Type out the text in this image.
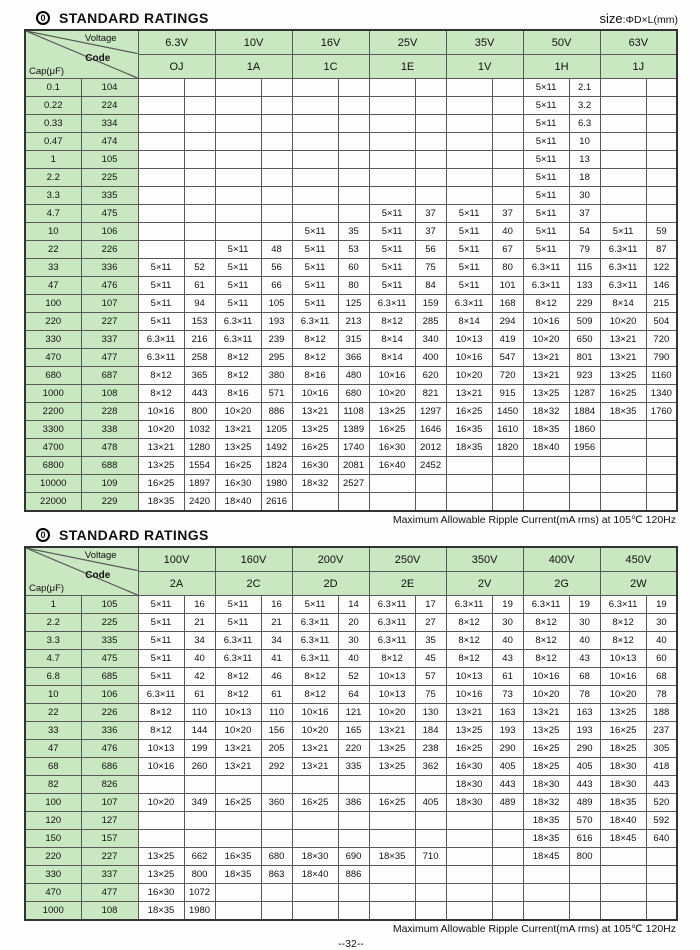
0 STANDARD RATINGS	size:ΦD×L(mm)
Voltage
Code
Cap(μF)		6.3V		10V		16V		25V		35V		50V		63V	
		OJ		1A		1C		1E		1V		1H		1J	
0.1	104											5×11	2.1		
0.22	224											5×11	3.2		
0.33	334											5×11	6.3		
0.47	474											5×11	10		
1	105											5×11	13		
2.2	225											5×11	18		
3.3	335											5×11	30		
4.7	475							5×11	37	5×11	37	5×11	37		
10	106					5×11	35	5×11	37	5×11	40	5×11	54	5×11	59
22	226			5×11	48	5×11	53	5×11	56	5×11	67	5×11	79	6.3×11	87
33	336	5×11	52	5×11	56	5×11	60	5×11	75	5×11	80	6.3×11	115	6.3×11	122
47	476	5×11	61	5×11	66	5×11	80	5×11	84	5×11	101	6.3×11	133	6.3×11	146
100	107	5×11	94	5×11	105	5×11	125	6.3×11	159	6.3×11	168	8×12	229	8×14	215
220	227	5×11	153	6.3×11	193	6.3×11	213	8×12	285	8×14	294	10×16	509	10×20	504
330	337	6.3×11	216	6.3×11	239	8×12	315	8×14	340	10×13	419	10×20	650	13×21	720
470	477	6.3×11	258	8×12	295	8×12	366	8×14	400	10×16	547	13×21	801	13×21	790
680	687	8×12	365	8×12	380	8×16	480	10×16	620	10×20	720	13×21	923	13×25	1160
1000	108	8×12	443	8×16	571	10×16	680	10×20	821	13×21	915	13×25	1287	16×25	1340
2200	228	10×16	800	10×20	886	13×21	1108	13×25	1297	16×25	1450	18×32	1884	18×35	1760
3300	338	10×20	1032	13×21	1205	13×25	1389	16×25	1646	16×35	1610	18×35	1860		
4700	478	13×21	1280	13×25	1492	16×25	1740	16×30	2012	18×35	1820	18×40	1956		
6800	688	13×25	1554	16×25	1824	16×30	2081	16×40	2452						
10000	109	16×25	1897	16×30	1980	18×32	2527								
22000	229	18×35	2420	18×40	2616										
Maximum Allowable Ripple Current(mA rms) at 105℃ 120Hz
0 STANDARD RATINGS
Voltage
Code
Cap(μF)		100V		160V		200V		250V		350V		400V		450V	
		2A		2C		2D		2E		2V		2G		2W	
1	105	5×11	16	5×11	16	5×11	14	6.3×11	17	6.3×11	19	6.3×11	19	6.3×11	19
2.2	225	5×11	21	5×11	21	6.3×11	20	6.3×11	27	8×12	30	8×12	30	8×12	30
3.3	335	5×11	34	6.3×11	34	6.3×11	30	6.3×11	35	8×12	40	8×12	40	8×12	40
4.7	475	5×11	40	6.3×11	41	6.3×11	40	8×12	45	8×12	43	8×12	43	10×13	60
6.8	685	5×11	42	8×12	46	8×12	52	10×13	57	10×13	61	10×16	68	10×16	68
10	106	6.3×11	61	8×12	61	8×12	64	10×13	75	10×16	73	10×20	78	10×20	78
22	226	8×12	110	10×13	110	10×16	121	10×20	130	13×21	163	13×21	163	13×25	188
33	336	8×12	144	10×20	156	10×20	165	13×21	184	13×25	193	13×25	193	16×25	237
47	476	10×13	199	13×21	205	13×21	220	13×25	238	16×25	290	16×25	290	18×25	305
68	686	10×16	260	13×21	292	13×21	335	13×25	362	16×30	405	18×25	405	18×30	418
82	826									18×30	443	18×30	443	18×30	443
100	107	10×20	349	16×25	360	16×25	386	16×25	405	18×30	489	18×32	489	18×35	520
120	127											18×35	570	18×40	592
150	157											18×35	616	18×45	640
220	227	13×25	662	16×35	680	18×30	690	18×35	710			18×45	800		
330	337	13×25	800	18×35	863	18×40	886								
470	477	16×30	1072												
1000	108	18×35	1980												
Maximum Allowable Ripple Current(mA rms) at 105℃ 120Hz
--32--
